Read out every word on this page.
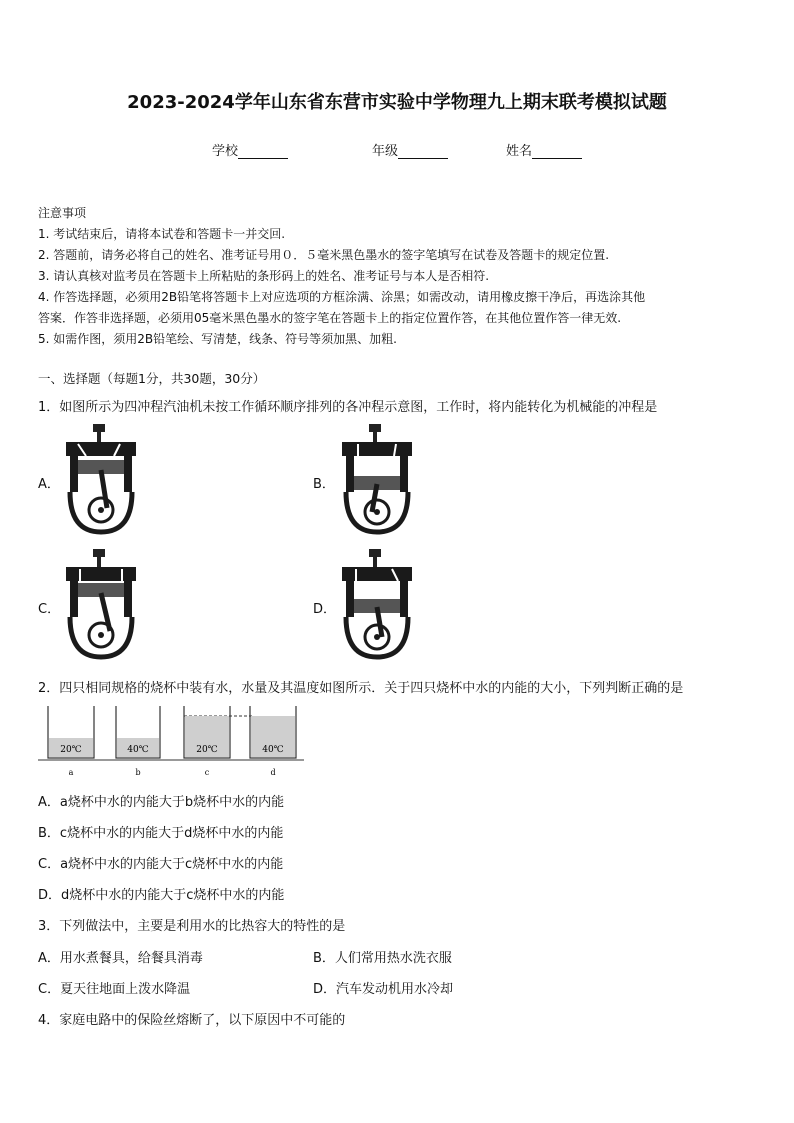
2023-2024学年山东省东营市实验中学物理九上期末联考模拟试题
学校	年级	姓名
注意事项
1. 考试结束后，请将本试卷和答题卡一并交回.
2. 答题前，请务必将自己的姓名、准考证号用０．５毫米黑色墨水的签字笔填写在试卷及答题卡的规定位置.
3. 请认真核对监考员在答题卡上所粘贴的条形码上的姓名、准考证号与本人是否相符.
4. 作答选择题，必须用2B铅笔将答题卡上对应选项的方框涂满、涂黑；如需改动，请用橡皮擦干净后，再选涂其他
答案．作答非选择题，必须用05毫米黑色墨水的签字笔在答题卡上的指定位置作答，在其他位置作答一律无效.
5. 如需作图，须用2B铅笔绘、写清楚，线条、符号等须加黑、加粗.
一、选择题（每题1分，共30题，30分）
1．如图所示为四冲程汽油机未按工作循环顺序排列的各冲程示意图，工作时，将内能转化为机械能的冲程是
A．	B．
C．	D．
2．四只相同规格的烧杯中装有水，水量及其温度如图所示．关于四只烧杯中水的内能的大小，下列判断正确的是
20℃
a
40℃
b
20℃
c
40℃
d
A．a烧杯中水的内能大于b烧杯中水的内能
B．c烧杯中水的内能大于d烧杯中水的内能
C．a烧杯中水的内能大于c烧杯中水的内能
D．d烧杯中水的内能大于c烧杯中水的内能
3．下列做法中，主要是利用水的比热容大的特性的是
A．用水煮餐具，给餐具消毒	B．人们常用热水洗衣服
C．夏天往地面上泼水降温	D．汽车发动机用水冷却
4．家庭电路中的保险丝熔断了，以下原因中不可能的
